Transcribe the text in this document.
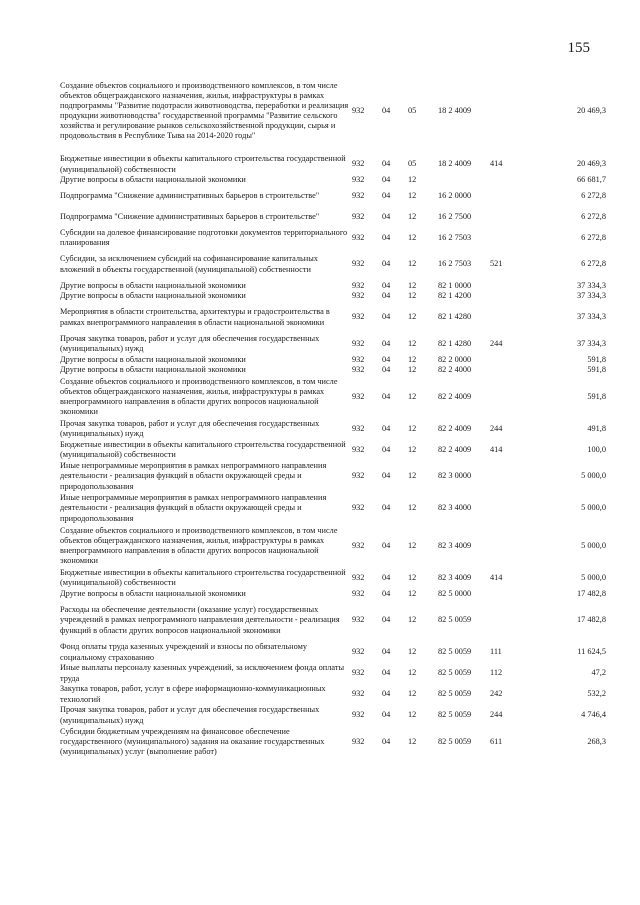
155
Создание объектов социального и производственного комплексов, в том числе объектов общегражданского назначения, жилья, инфраструктуры в рамках подпрограммы "Развитие подотрасли животноводства, переработки и реализация продукции животноводства" государственной программы "Развитие сельского хозяйства и регулирование рынков сельскохозяйственной продукции, сырья и продовольствия в Республике Тыва на 2014-2020 годы"	932	04	05	18 2 4009		20 469,3
Бюджетные инвестиции в объекты капитального строительства государственной (муниципальной) собственности	932	04	05	18 2 4009	414	20 469,3
Другие вопросы в области национальной экономики	932	04	12			66 681,7
Подпрограмма "Снижение административных барьеров в строительстве"	932	04	12	16 2 0000		6 272,8
Подпрограмма "Снижение административных барьеров в строительстве"	932	04	12	16 2 7500		6 272,8
Субсидии на долевое финансирование подготовки документов территориального планирования	932	04	12	16 2 7503		6 272,8
Субсидии, за исключением субсидий на софинансирование капитальных вложений в объекты государственной (муниципальной) собственности	932	04	12	16 2 7503	521	6 272,8
Другие вопросы в области национальной экономики	932	04	12	82 1 0000		37 334,3
Другие вопросы в области национальной экономики	932	04	12	82 1 4200		37 334,3
Мероприятия в области строительства, архитектуры и градостроительства в рамках внепрограммного направления в области национальной экономики	932	04	12	82 1 4280		37 334,3
Прочая закупка товаров, работ и услуг для обеспечения государственных (муниципальных) нужд	932	04	12	82 1 4280	244	37 334,3
Другие вопросы в области национальной экономики	932	04	12	82 2 0000		591,8
Другие вопросы в области национальной экономики	932	04	12	82 2 4000		591,8
Создание объектов социального и производственного комплексов, в том числе объектов общегражданского назначения, жилья, инфраструктуры в рамках внепрограммного направления в области других вопросов национальной экономики	932	04	12	82 2 4009		591,8
Прочая закупка товаров, работ и услуг для обеспечения государственных (муниципальных) нужд	932	04	12	82 2 4009	244	491,8
Бюджетные инвестиции в объекты капитального строительства государственной (муниципальной) собственности	932	04	12	82 2 4009	414	100,0
Иные непрограммные мероприятия в рамках непрограммного направления деятельности - реализация функций в области окружающей среды и природопользования	932	04	12	82 3 0000		5 000,0
Иные непрограммные мероприятия в рамках непрограммного направления деятельности - реализация функций в области окружающей среды и природопользования	932	04	12	82 3 4000		5 000,0
Создание объектов социального и производственного комплексов, в том числе объектов общегражданского назначения, жилья, инфраструктуры в рамках внепрограммного направления в области других вопросов национальной экономики	932	04	12	82 3 4009		5 000,0
Бюджетные инвестиции в объекты капитального строительства государственной (муниципальной) собственности	932	04	12	82 3 4009	414	5 000,0
Другие вопросы в области национальной экономики	932	04	12	82 5 0000		17 482,8
Расходы на обеспечение деятельности (оказание услуг) государственных учреждений в рамках непрограммного направления деятельности - реализация функций в области других вопросов национальной экономики	932	04	12	82 5 0059		17 482,8
Фонд оплаты труда казенных учреждений и взносы по обязательному социальному страхованию	932	04	12	82 5 0059	111	11 624,5
Иные выплаты персоналу казенных учреждений, за исключением фонда оплаты труда	932	04	12	82 5 0059	112	47,2
Закупка товаров, работ, услуг в сфере информационно-коммуникационных технологий	932	04	12	82 5 0059	242	532,2
Прочая закупка товаров, работ и услуг для обеспечения государственных (муниципальных) нужд	932	04	12	82 5 0059	244	4 746,4
Субсидии бюджетным учреждениям на финансовое обеспечение государственного (муниципального) задания на оказание государственных (муниципальных) услуг (выполнение работ)	932	04	12	82 5 0059	611	268,3
